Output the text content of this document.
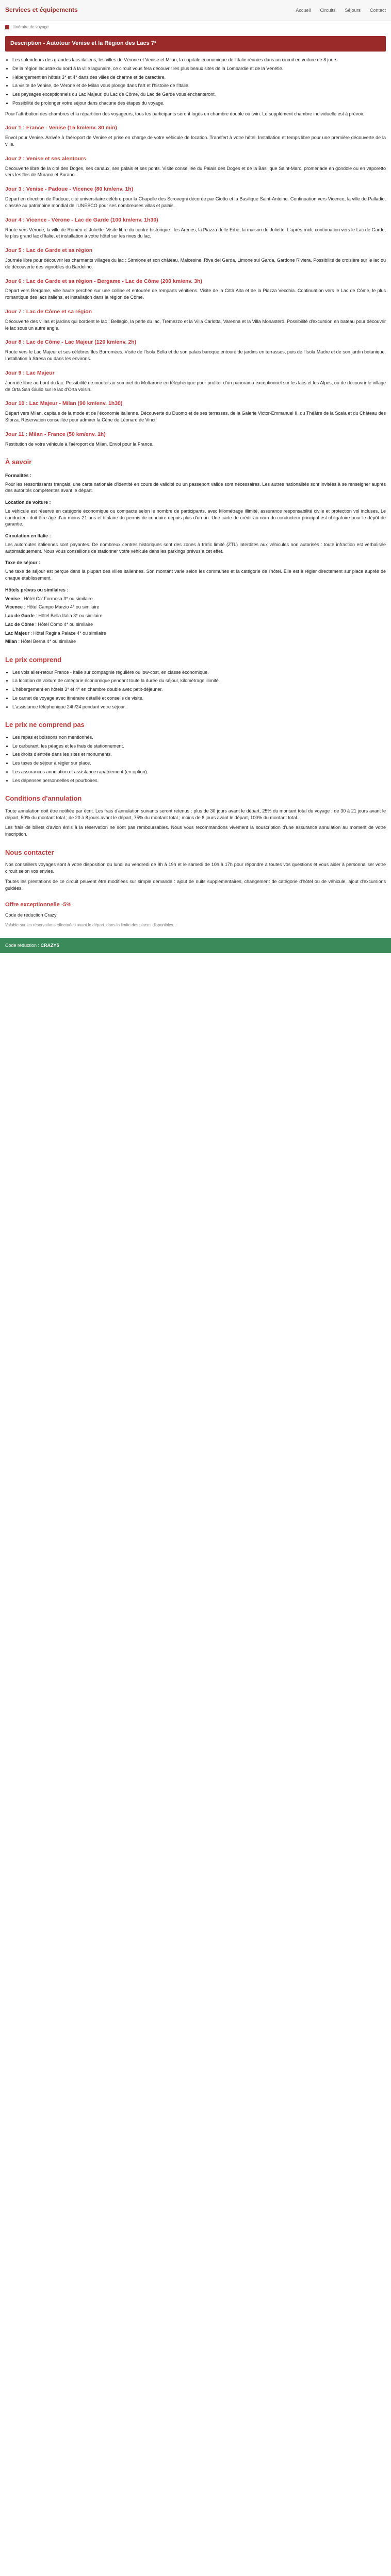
Services et équipements	Accueil Circuits Séjours Contact
Itinéraire de voyage
Description - Autotour Venise et la Région des Lacs 7*
• Les splendeurs des grandes lacs italiens, les villes de Vérone et Venise et Milan, la capitale économique de l'Italie réunies dans un circuit en voiture de 8 jours.
• De la région lacustre du nord à la ville lagunaire, ce circuit vous fera découvrir les plus beaux sites de la Lombardie et de la Vénétie.
• Hébergement en hôtels 3* et 4* dans des villes de charme et de caractère.
• La visite de Venise, de Vérone et de Milan vous plonge dans l'art et l'histoire de l'Italie.
• Les paysages exceptionnels du Lac Majeur, du Lac de Côme, du Lac de Garde vous enchanteront.
• Possibilité de prolonger votre séjour dans chacune des étapes du voyage.

Pour l'attribution des chambres et la répartition des voyageurs, tous les participants seront logés en chambre double ou twin. Le supplément chambre individuelle est à prévoir.

Jour 1 : France - Venise (15 km/env. 30 min)

Envol pour Venise. Arrivée à l'aéroport de Venise et prise en charge de votre véhicule de location. Transfert à votre hôtel. Installation et temps libre pour une première découverte de la ville.

Jour 2 : Venise et ses alentours

Découverte libre de la cité des Doges, ses canaux, ses palais et ses ponts. Visite conseillée du Palais des Doges et de la Basilique Saint-Marc, promenade en gondole ou en vaporetto vers les îles de Murano et Burano.

Jour 3 : Venise - Padoue - Vicence (80 km/env. 1h)

Départ en direction de Padoue, cité universitaire célèbre pour la Chapelle des Scrovegni décorée par Giotto et la Basilique Saint-Antoine. Continuation vers Vicence, la ville de Palladio, classée au patrimoine mondial de l'UNESCO pour ses nombreuses villas et palais.

Jour 4 : Vicence - Vérone - Lac de Garde (100 km/env. 1h30)

Route vers Vérone, la ville de Roméo et Juliette. Visite libre du centre historique : les Arènes, la Piazza delle Erbe, la maison de Juliette. L'après-midi, continuation vers le Lac de Garde, le plus grand lac d'Italie, et installation à votre hôtel sur les rives du lac.

Jour 5 : Lac de Garde et sa région

Journée libre pour découvrir les charmants villages du lac : Sirmione et son château, Malcesine, Riva del Garda, Limone sul Garda, Gardone Riviera. Possibilité de croisière sur le lac ou de découverte des vignobles du Bardolino.

Jour 6 : Lac de Garde et sa région - Bergame - Lac de Côme (200 km/env. 3h)

Départ vers Bergame, ville haute perchée sur une colline et entourée de remparts vénitiens. Visite de la Città Alta et de la Piazza Vecchia. Continuation vers le Lac de Côme, le plus romantique des lacs italiens, et installation dans la région de Côme.

Jour 7 : Lac de Côme et sa région

Découverte des villas et jardins qui bordent le lac : Bellagio, la perle du lac, Tremezzo et la Villa Carlotta, Varenna et la Villa Monastero. Possibilité d'excursion en bateau pour découvrir le lac sous un autre angle.

Jour 8 : Lac de Côme - Lac Majeur (120 km/env. 2h)

Route vers le Lac Majeur et ses célèbres îles Borromées. Visite de l'Isola Bella et de son palais baroque entouré de jardins en terrasses, puis de l'Isola Madre et de son jardin botanique. Installation à Stresa ou dans les environs.

Jour 9 : Lac Majeur

Journée libre au bord du lac. Possibilité de monter au sommet du Mottarone en téléphérique pour profiter d'un panorama exceptionnel sur les lacs et les Alpes, ou de découvrir le village de Orta San Giulio sur le lac d'Orta voisin.

Jour 10 : Lac Majeur - Milan (90 km/env. 1h30)

Départ vers Milan, capitale de la mode et de l'économie italienne. Découverte du Duomo et de ses terrasses, de la Galerie Victor-Emmanuel II, du Théâtre de la Scala et du Château des Sforza. Réservation conseillée pour admirer la Cène de Léonard de Vinci.

Jour 11 : Milan - France (50 km/env. 1h)

Restitution de votre véhicule à l'aéroport de Milan. Envol pour la France.

À savoir
Formalités :

Pour les ressortissants français, une carte nationale d'identité en cours de validité ou un passeport valide sont nécessaires. Les autres nationalités sont invitées à se renseigner auprès des autorités compétentes avant le départ.

Location de voiture :

Le véhicule est réservé en catégorie économique ou compacte selon le nombre de participants, avec kilométrage illimité, assurance responsabilité civile et protection vol incluses. Le conducteur doit être âgé d'au moins 21 ans et titulaire du permis de conduire depuis plus d'un an. Une carte de crédit au nom du conducteur principal est obligatoire pour le dépôt de garantie.

Circulation en Italie :

Les autoroutes italiennes sont payantes. De nombreux centres historiques sont des zones à trafic limité (ZTL) interdites aux véhicules non autorisés : toute infraction est verbalisée automatiquement. Nous vous conseillons de stationner votre véhicule dans les parkings prévus à cet effet.

Taxe de séjour :

Une taxe de séjour est perçue dans la plupart des villes italiennes. Son montant varie selon les communes et la catégorie de l'hôtel. Elle est à régler directement sur place auprès de chaque établissement.

Hôtels prévus ou similaires :
Venise : Hôtel Ca' Formosa 3* ou similaire
Vicence : Hôtel Campo Marzio 4* ou similaire
Lac de Garde : Hôtel Bella Italia 3* ou similaire
Lac de Côme : Hôtel Como 4* ou similaire
Lac Majeur : Hôtel Regina Palace 4* ou similaire
Milan : Hôtel Berna 4* ou similaire
Le prix comprend
• Les vols aller-retour France - Italie sur compagnie régulière ou low-cost, en classe économique.
• La location de voiture de catégorie économique pendant toute la durée du séjour, kilométrage illimité.
• L'hébergement en hôtels 3* et 4* en chambre double avec petit-déjeuner.
• Le carnet de voyage avec itinéraire détaillé et conseils de visite.
• L'assistance téléphonique 24h/24 pendant votre séjour.
Le prix ne comprend pas
• Les repas et boissons non mentionnés.
• Le carburant, les péages et les frais de stationnement.
• Les droits d'entrée dans les sites et monuments.
• Les taxes de séjour à régler sur place.
• Les assurances annulation et assistance rapatriement (en option).
• Les dépenses personnelles et pourboires.
Conditions d'annulation

Toute annulation doit être notifiée par écrit. Les frais d'annulation suivants seront retenus : plus de 30 jours avant le départ, 25% du montant total du voyage ; de 30 à 21 jours avant le départ, 50% du montant total ; de 20 à 8 jours avant le départ, 75% du montant total ; moins de 8 jours avant le départ, 100% du montant total.

Les frais de billets d'avion émis à la réservation ne sont pas remboursables. Nous vous recommandons vivement la souscription d'une assurance annulation au moment de votre inscription.

Nous contacter

Nos conseillers voyages sont à votre disposition du lundi au vendredi de 9h à 19h et le samedi de 10h à 17h pour répondre à toutes vos questions et vous aider à personnaliser votre circuit selon vos envies.

Toutes les prestations de ce circuit peuvent être modifiées sur simple demande : ajout de nuits supplémentaires, changement de catégorie d'hôtel ou de véhicule, ajout d'excursions guidées.

Offre exceptionnelle -5%

Code de réduction Crazy

Valable sur les réservations effectuées avant le départ, dans la limite des places disponibles.

Code réduction : CRAZY5
